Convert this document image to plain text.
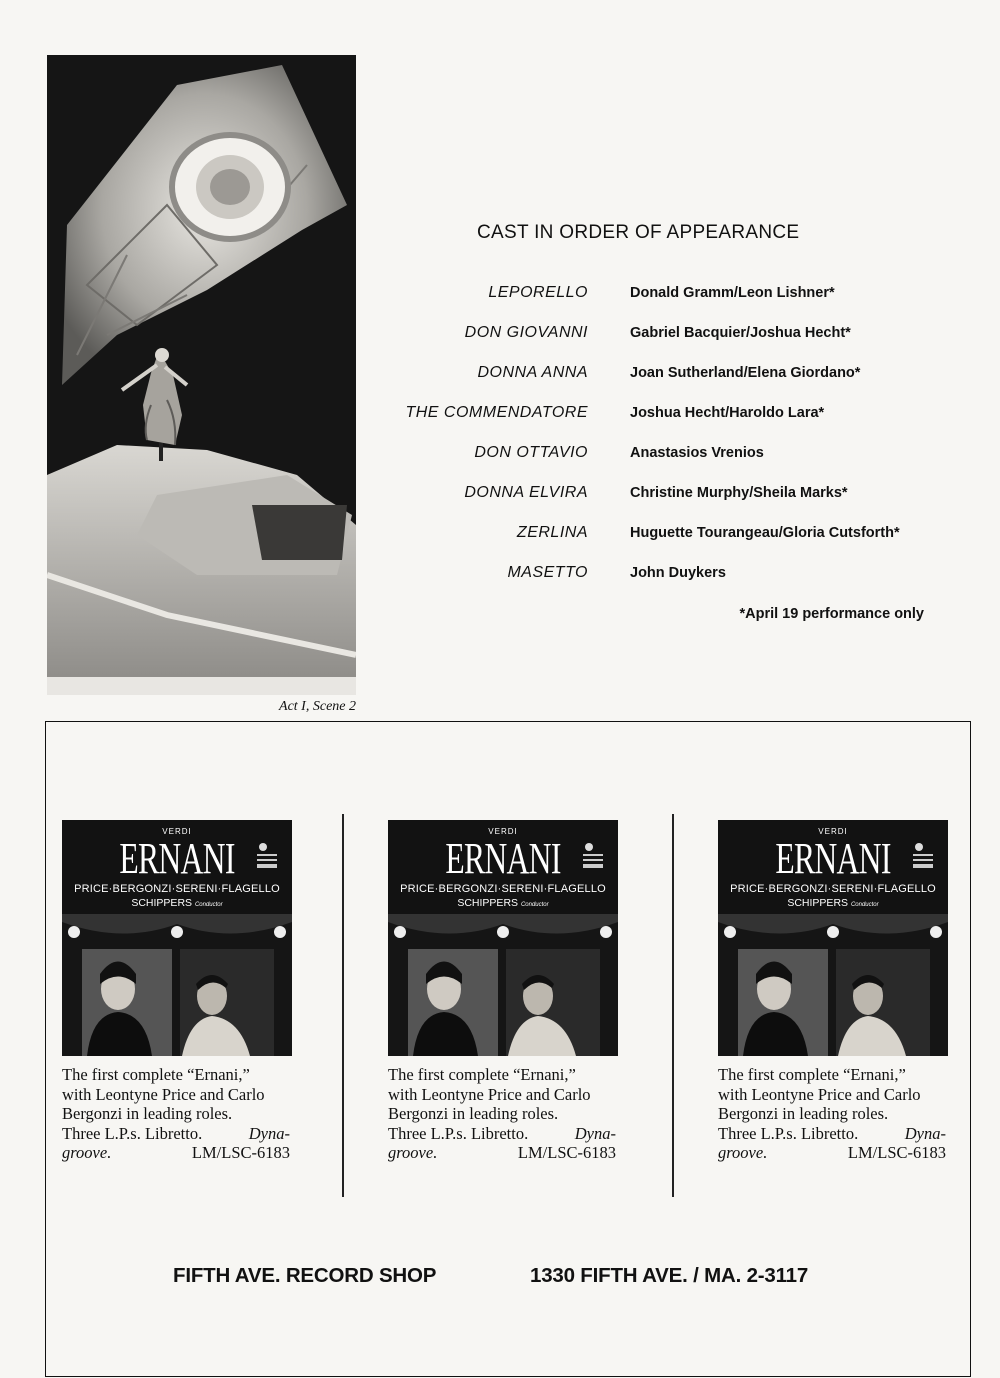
Act I, Scene 2
CAST IN ORDER OF APPEARANCE
LEPORELLO	Donald Gramm/Leon Lishner*
DON GIOVANNI	Gabriel Bacquier/Joshua Hecht*
DONNA ANNA	Joan Sutherland/Elena Giordano*
THE COMMENDATORE	Joshua Hecht/Haroldo Lara*
DON OTTAVIO	Anastasios Vrenios
DONNA ELVIRA	Christine Murphy/Sheila Marks*
ZERLINA	Huguette Tourangeau/Gloria Cutsforth*
MASETTO	John Duykers
*April 19 performance only
VERDI
ERNANI
PRICE·BERGONZI·SERENI·FLAGELLO
SCHIPPERS Conductor
The first complete “Ernani,”
with Leontyne Price and Carlo
Bergonzi in leading roles.
Three L.P.s. Libretto.	Dyna-
groove.	LM/LSC-6183
VERDI
ERNANI
PRICE·BERGONZI·SERENI·FLAGELLO
SCHIPPERS Conductor
The first complete “Ernani,”
with Leontyne Price and Carlo
Bergonzi in leading roles.
Three L.P.s. Libretto.	Dyna-
groove.	LM/LSC-6183
VERDI
ERNANI
PRICE·BERGONZI·SERENI·FLAGELLO
SCHIPPERS Conductor
The first complete “Ernani,”
with Leontyne Price and Carlo
Bergonzi in leading roles.
Three L.P.s. Libretto.	Dyna-
groove.	LM/LSC-6183
FIFTH AVE. RECORD SHOP	1330 FIFTH AVE. / MA. 2-3117
